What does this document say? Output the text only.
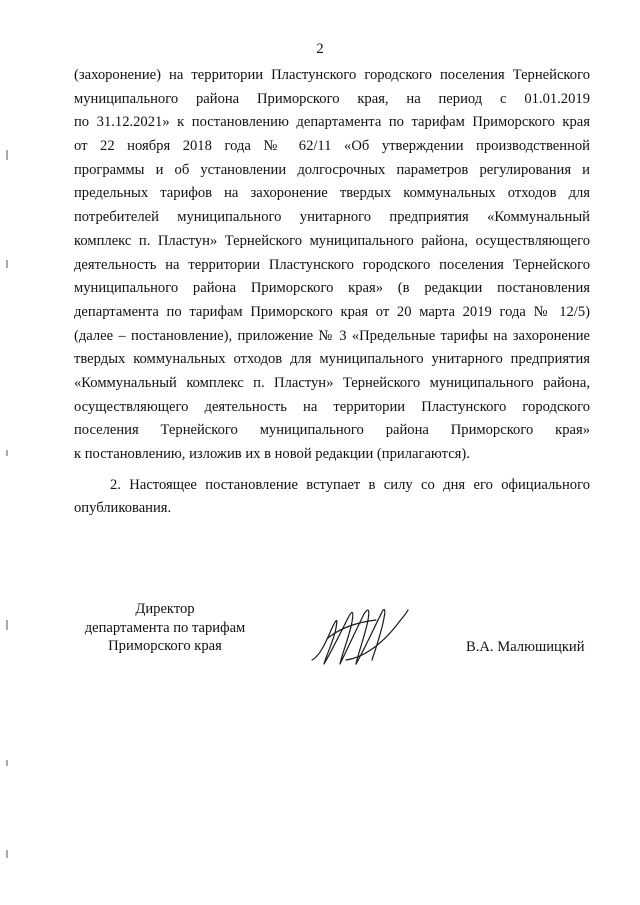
2
(захоронение) на территории Пластунского городского поселения Тернейского
муниципального района Приморского края, на период с 01.01.2019
по 31.12.2021» к постановлению департамента по тарифам Приморского края
от 22 ноября 2018 года № 62/11 «Об утверждении производственной
программы и об установлении долгосрочных параметров регулирования и
предельных тарифов на захоронение твердых коммунальных отходов для
потребителей муниципального унитарного предприятия «Коммунальный
комплекс п. Пластун» Тернейского муниципального района, осуществляющего
деятельность на территории Пластунского городского поселения Тернейского
муниципального района Приморского края» (в редакции постановления
департамента по тарифам Приморского края от 20 марта 2019 года № 12/5)
(далее – постановление), приложение № 3 «Предельные тарифы на захоронение
твердых коммунальных отходов для муниципального унитарного предприятия
«Коммунальный комплекс п. Пластун» Тернейского муниципального района,
осуществляющего деятельность на территории Пластунского городского
поселения Тернейского муниципального района Приморского края»
к постановлению, изложив их в новой редакции (прилагаются).
2. Настоящее постановление вступает в силу со дня его официального
опубликования.
Директор
департамента по тарифам
Приморского края	В.А. Малюшицкий
